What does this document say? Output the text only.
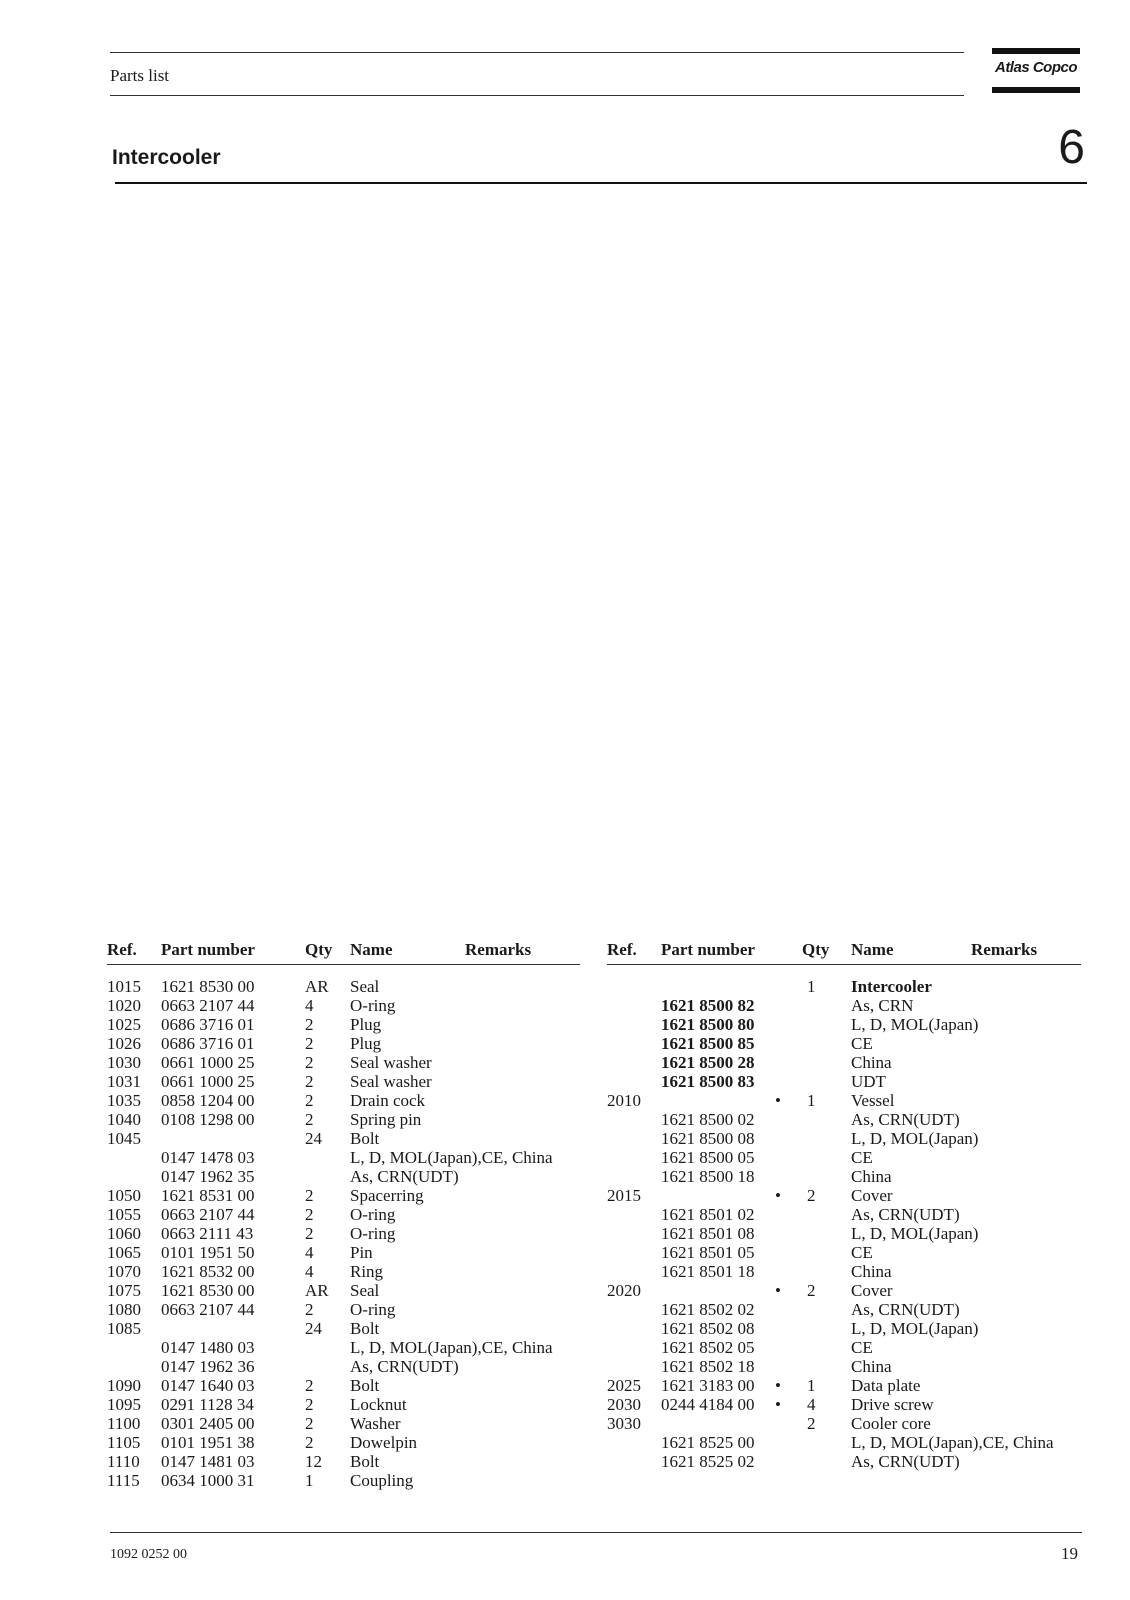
Parts list	Atlas Copco
Intercooler	6
Ref. Part number	Qty Name	Remarks
1015 1621 8530 00	AR Seal
1020 0663 2107 44	4 O-ring
1025 0686 3716 01	2 Plug
1026 0686 3716 01	2 Plug
1030 0661 1000 25	2 Seal washer
1031 0661 1000 25	2 Seal washer
1035 0858 1204 00	2 Drain cock
1040 0108 1298 00	2 Spring pin
1045	24 Bolt
0147 1478 03	L, D, MOL(Japan),CE, China
0147 1962 35	As, CRN(UDT)
1050 1621 8531 00	2 Spacerring
1055 0663 2107 44	2 O-ring
1060 0663 2111 43	2 O-ring
1065 0101 1951 50	4 Pin
1070 1621 8532 00	4 Ring
1075 1621 8530 00	AR Seal
1080 0663 2107 44	2 O-ring
1085	24 Bolt
0147 1480 03	L, D, MOL(Japan),CE, China
0147 1962 36	As, CRN(UDT)
1090 0147 1640 03	2 Bolt
1095 0291 1128 34	2 Locknut
1100 0301 2405 00	2 Washer
1105 0101 1951 38	2 Dowelpin
1110 0147 1481 03	12 Bolt
1115 0634 1000 31	1 Coupling
Ref. Part number	Qty Name	Remarks
1 Intercooler
1621 8500 82	As, CRN
1621 8500 80	L, D, MOL(Japan)
1621 8500 85	CE
1621 8500 28	China
1621 8500 83	UDT
2010	• 1 Vessel
1621 8500 02	As, CRN(UDT)
1621 8500 08	L, D, MOL(Japan)
1621 8500 05	CE
1621 8500 18	China
2015	• 2 Cover
1621 8501 02	As, CRN(UDT)
1621 8501 08	L, D, MOL(Japan)
1621 8501 05	CE
1621 8501 18	China
2020	• 2 Cover
1621 8502 02	As, CRN(UDT)
1621 8502 08	L, D, MOL(Japan)
1621 8502 05	CE
1621 8502 18	China
2025 1621 3183 00 • 1 Data plate
2030 0244 4184 00 • 4 Drive screw
3030	2 Cooler core
1621 8525 00	L, D, MOL(Japan),CE, China
1621 8525 02	As, CRN(UDT)
1092 0252 00	19
